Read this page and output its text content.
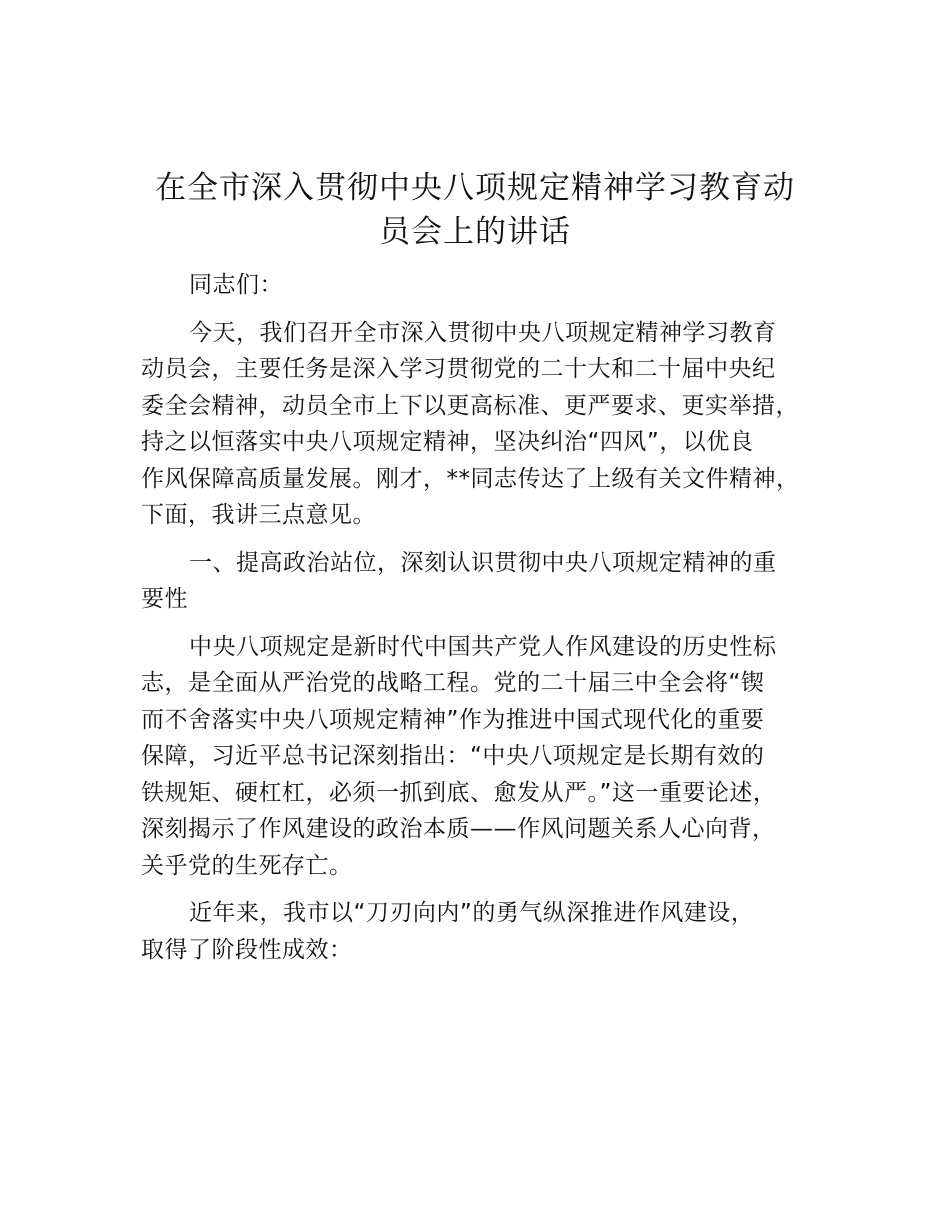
在全市深入贯彻中央八项规定精神学习教育动
员会上的讲话

同志们：

今天，我们召开全市深入贯彻中央八项规定精神学习教育
动员会，主要任务是深入学习贯彻党的二十大和二十届中央纪
委全会精神，动员全市上下以更高标准、更严要求、更实举措，
持之以恒落实中央八项规定精神，坚决纠治“四风”，以优良
作风保障高质量发展。刚才，**同志传达了上级有关文件精神，
下面，我讲三点意见。

一、提高政治站位，深刻认识贯彻中央八项规定精神的重
要性

中央八项规定是新时代中国共产党人作风建设的历史性标
志，是全面从严治党的战略工程。党的二十届三中全会将“锲
而不舍落实中央八项规定精神”作为推进中国式现代化的重要
保障，习近平总书记深刻指出：“中央八项规定是长期有效的
铁规矩、硬杠杠，必须一抓到底、愈发从严。”这一重要论述，
深刻揭示了作风建设的政治本质——作风问题关系人心向背，
关乎党的生死存亡。

近年来，我市以“刀刃向内”的勇气纵深推进作风建设，
取得了阶段性成效：
